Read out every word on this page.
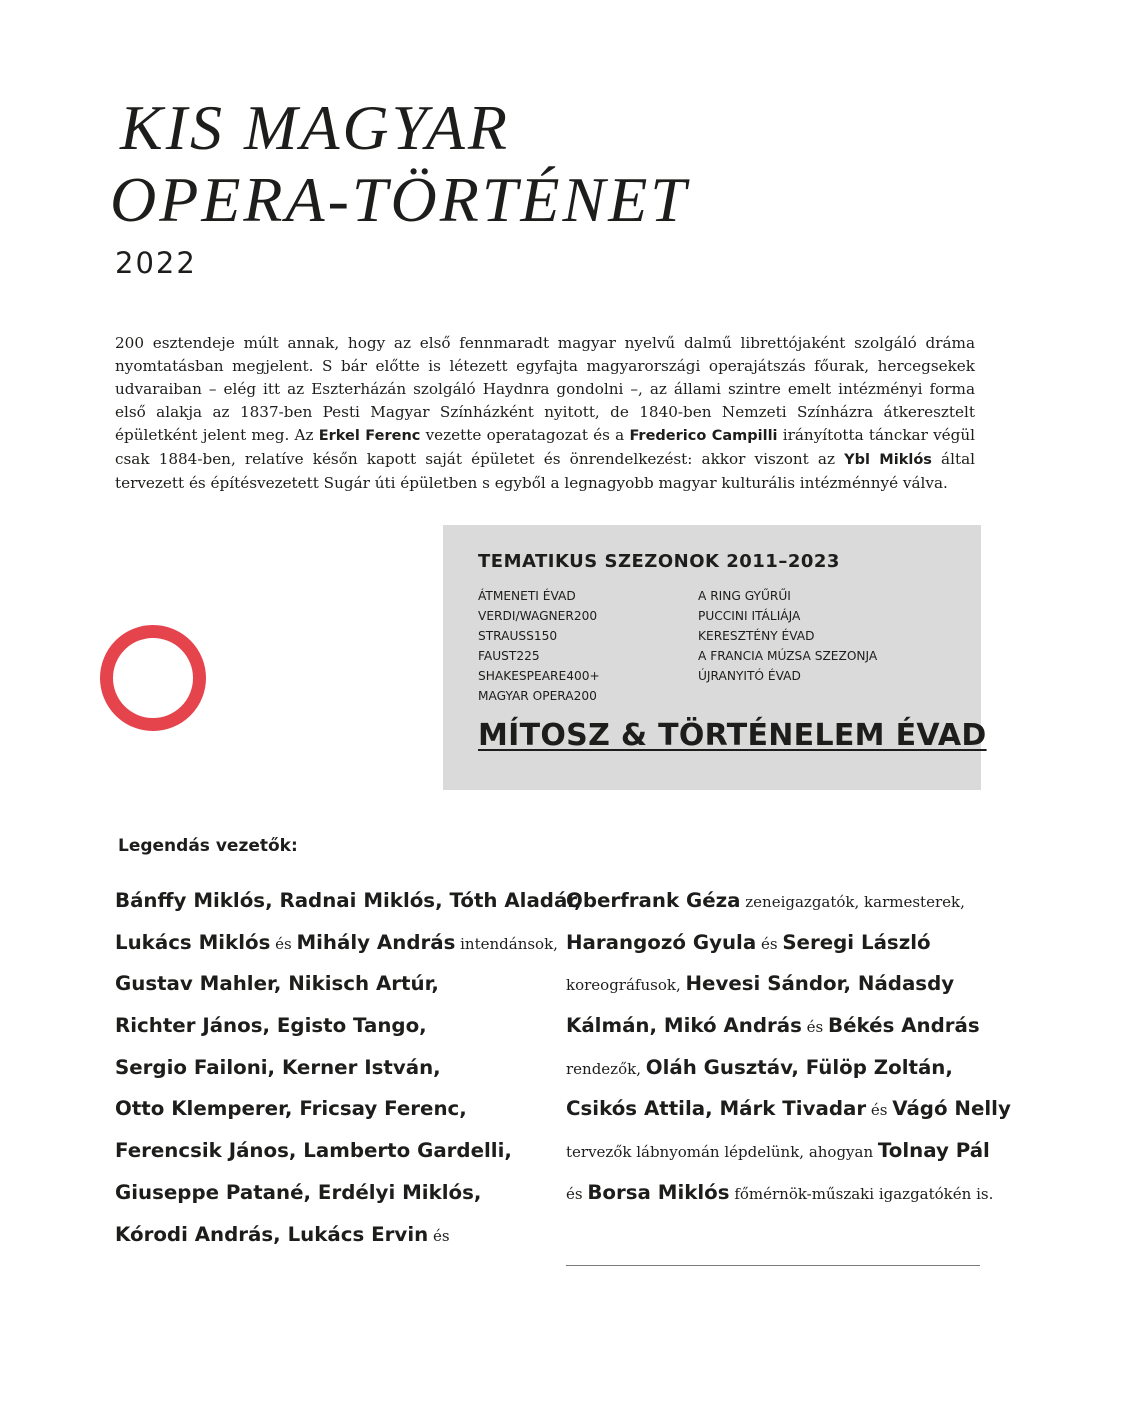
KIS MAGYAR
OPERA-TÖRTÉNET
2022

200 esztendeje múlt annak, hogy az első fennmaradt magyar nyelvű dalmű librettójaként szolgáló dráma nyomtatásban megjelent. S bár előtte is létezett egyfajta magyarországi operajátszás főurak, hercegsekek udvaraiban – elég itt az Eszterházán szolgáló Haydnra gondolni –, az állami szintre emelt intézményi forma első alakja az 1837-ben Pesti Magyar Színházként nyitott, de 1840-ben Nemzeti Színházra átkeresztelt épületként jelent meg. Az Erkel Ferenc vezette operatagozat és a Frederico Campilli irányította tánckar végül csak 1884-ben, relatíve későn kapott saját épületet és önrendelkezést: akkor viszont az Ybl Miklós által tervezett és építésvezetett Sugár úti épületben s egyből a legnagyobb magyar kulturális intézménnyé válva.

TEMATIKUS SZEZONOK 2011–2023
ÁTMENETI ÉVAD
VERDI/WAGNER200
STRAUSS150
FAUST225
SHAKESPEARE400+
MAGYAR OPERA200
A RING GYŰRŰI
PUCCINI ITÁLIÁJA
KERESZTÉNY ÉVAD
A FRANCIA MÚZSA SZEZONJA
ÚJRANYITÓ ÉVAD
MÍTOSZ & TÖRTÉNELEM ÉVAD
Legendás vezetők:
Bánffy Miklós, Radnai Miklós, Tóth Aladár,
Lukács Miklós és Mihály András intendánsok,
Gustav Mahler, Nikisch Artúr,
Richter János, Egisto Tango,
Sergio Failoni, Kerner István,
Otto Klemperer, Fricsay Ferenc,
Ferencsik János, Lamberto Gardelli,
Giuseppe Patané, Erdélyi Miklós,
Kórodi András, Lukács Ervin és
Oberfrank Géza zeneigazgatók, karmesterek,
Harangozó Gyula és Seregi László
koreográfusok, Hevesi Sándor, Nádasdy
Kálmán, Mikó András és Békés András
rendezők, Oláh Gusztáv, Fülöp Zoltán,
Csikós Attila, Márk Tivadar és Vágó Nelly
tervezők lábnyomán lépdelünk, ahogyan Tolnay Pál
és Borsa Miklós főmérnök-műszaki igazgatókén is.
